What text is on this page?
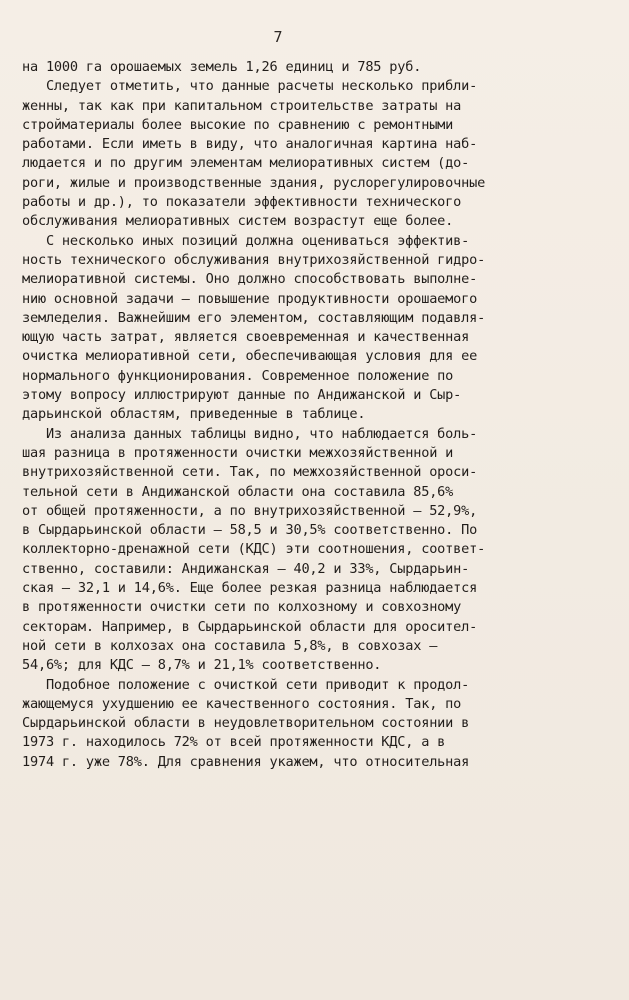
7
на 1000 га орошаемых земель 1,26 единиц и 785 руб.
Следует отметить, что данные расчеты несколько прибли-
женны, так как при капитальном строительстве затраты на
стройматериалы более высокие по сравнению с ремонтными
работами. Если иметь в виду, что аналогичная картина наб-
людается и по другим элементам мелиоративных систем (до-
роги, жилые и производственные здания, руслорегулировочные
работы и др.), то показатели эффективности технического
обслуживания мелиоративных систем возрастут еще более.
С несколько иных позиций должна оцениваться эффектив-
ность технического обслуживания внутрихозяйственной гидро-
мелиоративной системы. Оно должно способствовать выполне-
нию основной задачи – повышение продуктивности орошаемого
земледелия. Важнейшим его элементом, составляющим подавля-
ющую часть затрат, является своевременная и качественная
очистка мелиоративной сети, обеспечивающая условия для ее
нормального функционирования. Современное положение по
этому вопросу иллюстрируют данные по Андижанской и Сыр-
дарьинской областям, приведенные в таблице.
Из анализа данных таблицы видно, что наблюдается боль-
шая разница в протяженности очистки межхозяйственной и
внутрихозяйственной сети. Так, по межхозяйственной ороси-
тельной сети в Андижанской области она составила 85,6%
от общей протяженности, а по внутрихозяйственной – 52,9%,
в Сырдарьинской области – 58,5 и 30,5% соответственно. По
коллекторно-дренажной сети (КДС) эти соотношения, соответ-
ственно, составили: Андижанская – 40,2 и 33%, Сырдарьин-
ская – 32,1 и 14,6%. Еще более резкая разница наблюдается
в протяженности очистки сети по колхозному и совхозному
секторам. Например, в Сырдарьинской области для оросител-
ной сети в колхозах она составила 5,8%, в совхозах –
54,6%; для КДС – 8,7% и 21,1% соответственно.
Подобное положение с очисткой сети приводит к продол-
жающемуся ухудшению ее качественного состояния. Так, по
Сырдарьинской области в неудовлетворительном состоянии в
1973 г. находилось 72% от всей протяженности КДС, а в
1974 г. уже 78%. Для сравнения укажем, что относительная
